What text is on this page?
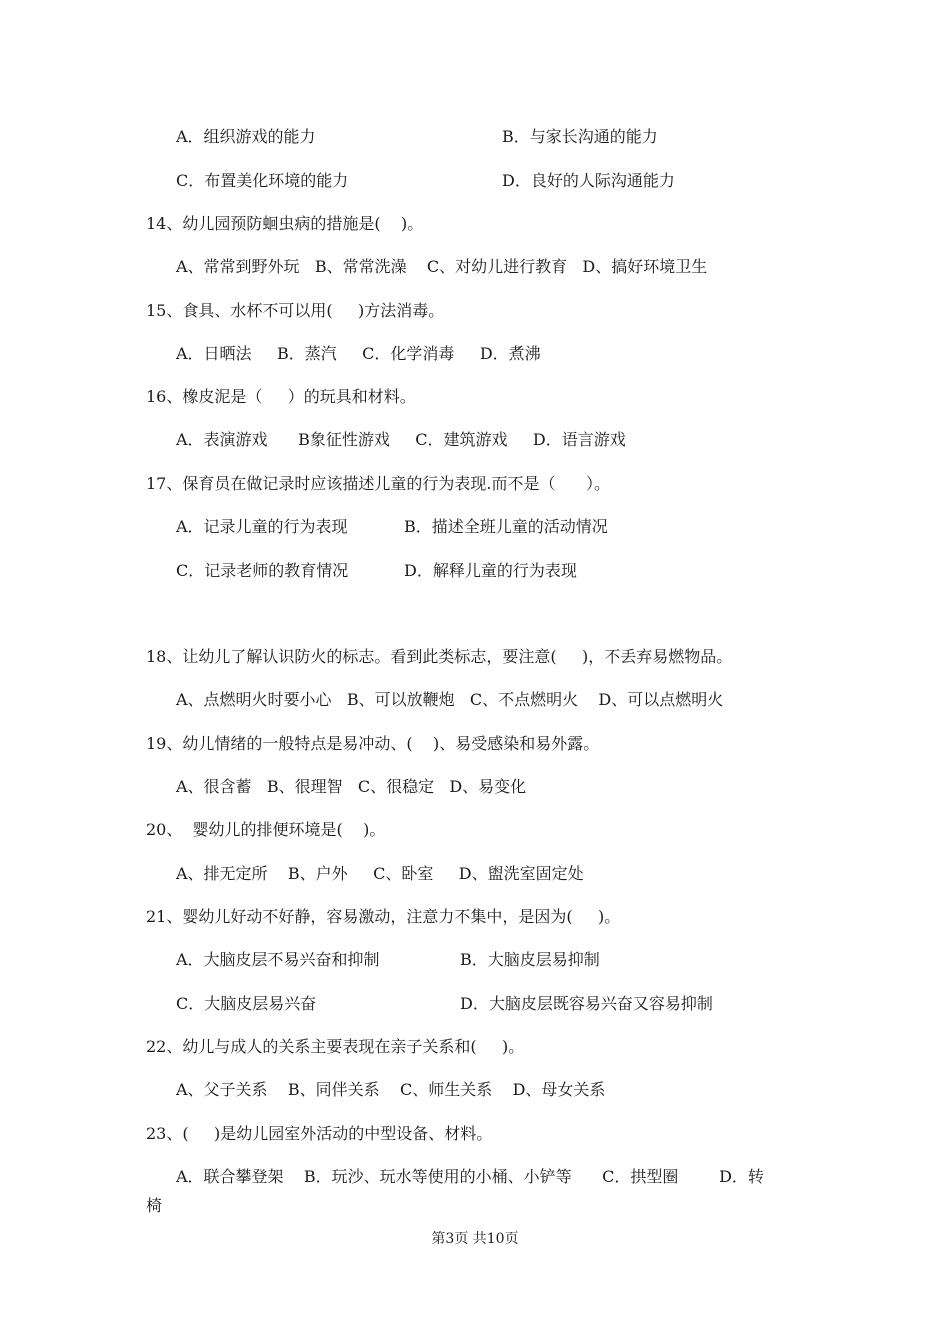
A．组织游戏的能力	B．与家长沟通的能力
C．布置美化环境的能力	D．良好的人际沟通能力
14、幼儿园预防蛔虫病的措施是(    )。
A、常常到野外玩   B、常常洗澡    C、对幼儿进行教育   D、搞好环境卫生
15、食具、水杯不可以用(     )方法消毒。
A．日晒法     B．蒸汽     C．化学消毒     D．煮沸
16、橡皮泥是（     ）的玩具和材料。
A．表演游戏      B象征性游戏     C．建筑游戏     D．语言游戏
17、保育员在做记录时应该描述儿童的行为表现.而不是（      ）。
A．记录儿童的行为表现	B．描述全班儿童的活动情况
C．记录老师的教育情况	D．解释儿童的行为表现
18、让幼儿了解认识防火的标志。看到此类标志，要注意(     )，不丢弃易燃物品。
A、点燃明火时要小心   B、可以放鞭炮   C、不点燃明火    D、可以点燃明火
19、幼儿情绪的一般特点是易冲动、(    )、易受感染和易外露。
A、很含蓄   B、很理智   C、很稳定   D、易变化
20、  婴幼儿的排便环境是(    )。
A、排无定所    B、户外     C、卧室     D、盥洗室固定处
21、婴幼儿好动不好静，容易激动，注意力不集中，是因为(     )。
A．大脑皮层不易兴奋和抑制	B．大脑皮层易抑制
C．大脑皮层易兴奋	D．大脑皮层既容易兴奋又容易抑制
22、幼儿与成人的关系主要表现在亲子关系和(     )。
A、父子关系    B、同伴关系    C、师生关系    D、母女关系
23、(     )是幼儿园室外活动的中型设备、材料。
A．联合攀登架    B．玩沙、玩水等使用的小桶、小铲等      C．拱型圈        D．转
椅
第3页 共10页
